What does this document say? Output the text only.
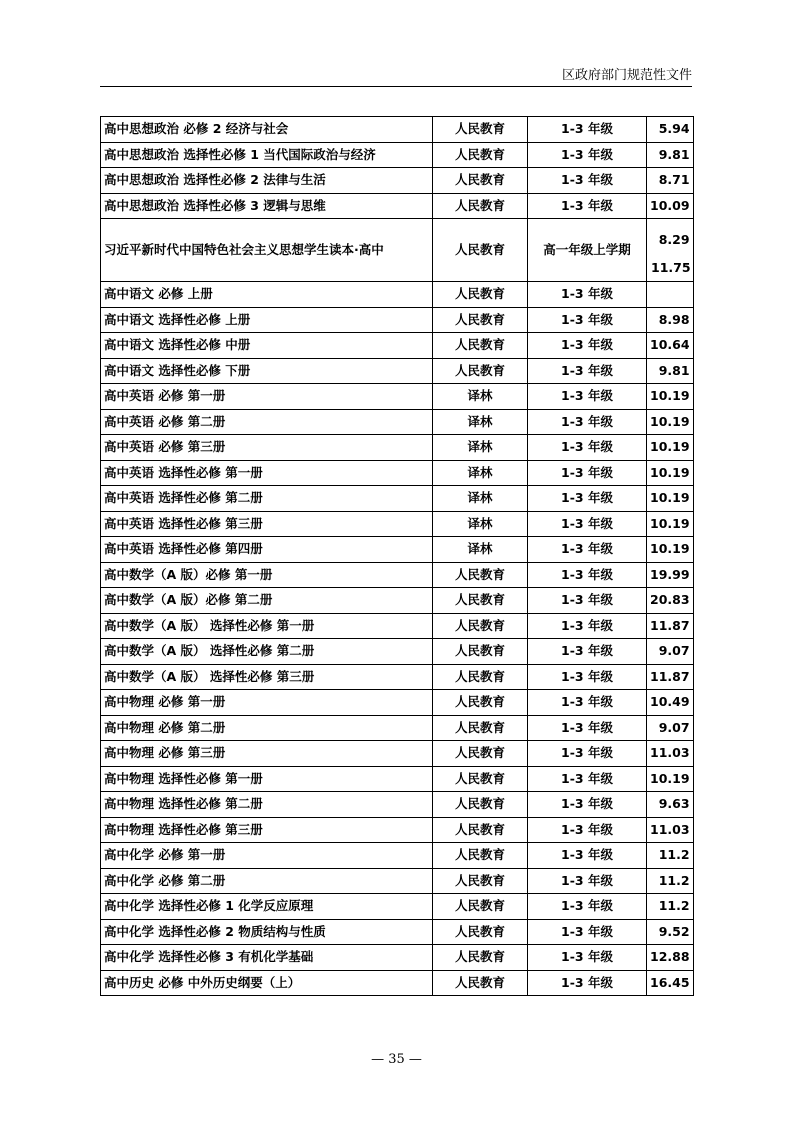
区政府部门规范性文件
高中思想政治 必修 2 经济与社会	人民教育	1-3 年级	5.94
高中思想政治 选择性必修 1 当代国际政治与经济	人民教育	1-3 年级	9.81
高中思想政治 选择性必修 2 法律与生活	人民教育	1-3 年级	8.71
高中思想政治 选择性必修 3 逻辑与思维	人民教育	1-3 年级	10.09
习近平新时代中国特色社会主义思想学生读本·高中	人民教育	高一年级上学期	8.29
11.75

高中语文 必修 上册	人民教育	1-3 年级	
高中语文 选择性必修 上册	人民教育	1-3 年级	8.98
高中语文 选择性必修 中册	人民教育	1-3 年级	10.64
高中语文 选择性必修 下册	人民教育	1-3 年级	9.81
高中英语 必修 第一册	译林	1-3 年级	10.19
高中英语 必修 第二册	译林	1-3 年级	10.19
高中英语 必修 第三册	译林	1-3 年级	10.19
高中英语 选择性必修 第一册	译林	1-3 年级	10.19
高中英语 选择性必修 第二册	译林	1-3 年级	10.19
高中英语 选择性必修 第三册	译林	1-3 年级	10.19
高中英语 选择性必修 第四册	译林	1-3 年级	10.19
高中数学（A 版）必修 第一册	人民教育	1-3 年级	19.99
高中数学（A 版）必修 第二册	人民教育	1-3 年级	20.83
高中数学（A 版） 选择性必修 第一册	人民教育	1-3 年级	11.87
高中数学（A 版） 选择性必修 第二册	人民教育	1-3 年级	9.07
高中数学（A 版） 选择性必修 第三册	人民教育	1-3 年级	11.87
高中物理 必修 第一册	人民教育	1-3 年级	10.49
高中物理 必修 第二册	人民教育	1-3 年级	9.07
高中物理 必修 第三册	人民教育	1-3 年级	11.03
高中物理 选择性必修 第一册	人民教育	1-3 年级	10.19
高中物理 选择性必修 第二册	人民教育	1-3 年级	9.63
高中物理 选择性必修 第三册	人民教育	1-3 年级	11.03
高中化学 必修 第一册	人民教育	1-3 年级	11.2
高中化学 必修 第二册	人民教育	1-3 年级	11.2
高中化学 选择性必修 1 化学反应原理	人民教育	1-3 年级	11.2
高中化学 选择性必修 2 物质结构与性质	人民教育	1-3 年级	9.52
高中化学 选择性必修 3 有机化学基础	人民教育	1-3 年级	12.88
高中历史 必修 中外历史纲要（上）	人民教育	1-3 年级	16.45
— 35 —
